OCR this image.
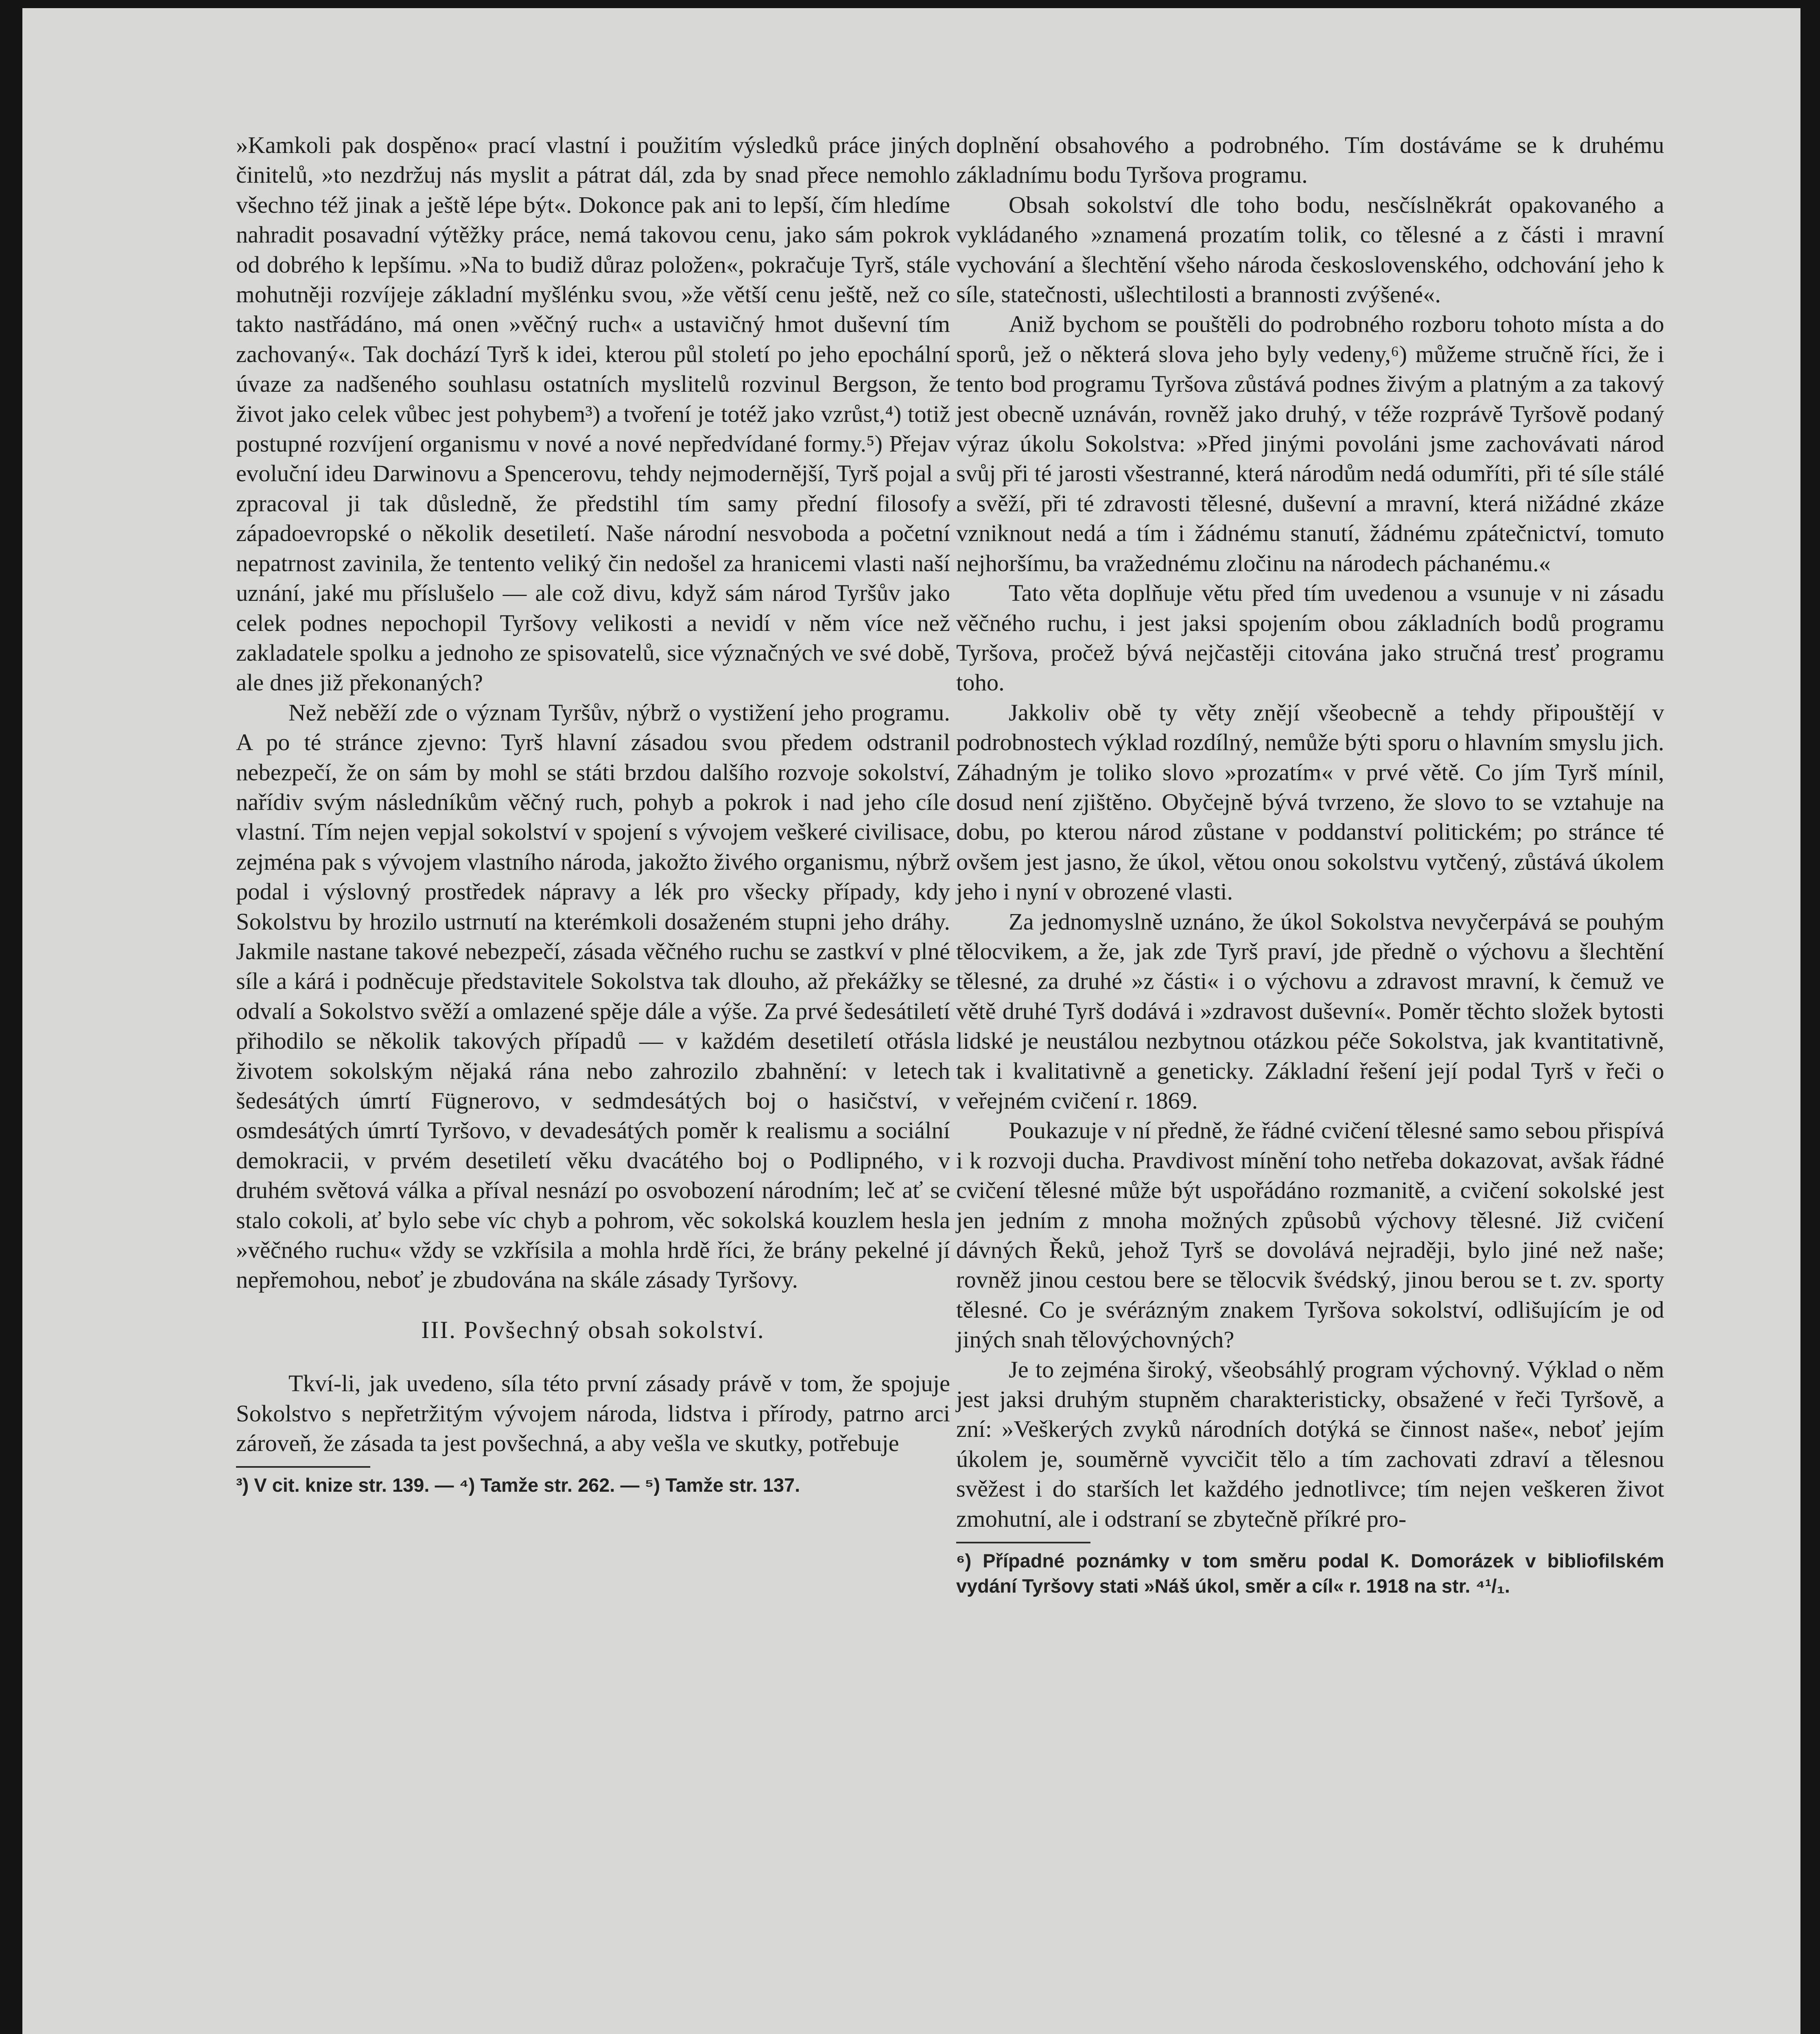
»Kamkoli pak dospěno« prací vlastní i použitím výsledků práce jiných činitelů, »to nezdržuj nás myslit a pátrat dál, zda by snad přece nemohlo všechno též jinak a ještě lépe být«. Dokonce pak ani to lepší, čím hledíme nahradit posavadní výtěžky práce, nemá takovou cenu, jako sám pokrok od dobrého k lepšímu. »Na to budiž důraz položen«, pokračuje Tyrš, stále mohutněji rozvíjeje základní myšlénku svou, »že větší cenu ještě, než co takto nastřádáno, má onen »věčný ruch« a ustavičný hmot duševní tím zachovaný«. Tak dochází Tyrš k idei, kterou půl století po jeho epochální úvaze za nadšeného souhlasu ostatních myslitelů rozvinul Bergson, že život jako celek vůbec jest pohybem³) a tvoření je totéž jako vzrůst,⁴) totiž postupné rozvíjení organismu v nové a nové nepředvídané formy.⁵) Přejav evoluční ideu Darwinovu a Spencerovu, tehdy nejmodernější, Tyrš pojal a zpracoval ji tak důsledně, že předstihl tím samy přední filosofy západoevropské o několik desetiletí. Naše národní nesvoboda a početní nepatrnost zavinila, že tentento veliký čin nedošel za hranicemi vlasti naší uznání, jaké mu příslušelo — ale což divu, když sám národ Tyršův jako celek podnes nepochopil Tyršovy velikosti a nevidí v něm více než zakladatele spolku a jednoho ze spisovatelů, sice význačných ve své době, ale dnes již překonaných?

Než neběží zde o význam Tyršův, nýbrž o vystižení jeho programu. A po té stránce zjevno: Tyrš hlavní zásadou svou předem odstranil nebezpečí, že on sám by mohl se státi brzdou dalšího rozvoje sokolství, nařídiv svým následníkům věčný ruch, pohyb a pokrok i nad jeho cíle vlastní. Tím nejen vepjal sokolství v spojení s vývojem veškeré civilisace, zejména pak s vývojem vlastního národa, jakožto živého organismu, nýbrž podal i výslovný prostředek nápravy a lék pro všecky případy, kdy Sokolstvu by hrozilo ustrnutí na kterémkoli dosaženém stupni jeho dráhy. Jakmile nastane takové nebezpečí, zásada věčného ruchu se zastkví v plné síle a kárá i podněcuje představitele Sokolstva tak dlouho, až překážky se odvalí a Sokolstvo svěží a omlazené spěje dále a výše. Za prvé šedesátiletí přihodilo se několik takových případů — v každém desetiletí otřásla životem sokolským nějaká rána nebo zahrozilo zbahnění: v letech šedesátých úmrtí Fügnerovo, v sedmdesátých boj o hasičství, v osmdesátých úmrtí Tyršovo, v devadesátých poměr k realismu a sociální demokracii, v prvém desetiletí věku dvacátého boj o Podlipného, v druhém světová válka a příval nesnází po osvobození národním; leč ať se stalo cokoli, ať bylo sebe víc chyb a pohrom, věc sokolská kouzlem hesla »věčného ruchu« vždy se vzkřísila a mohla hrdě říci, že brány pekelné jí nepřemohou, neboť je zbudována na skále zásady Tyršovy.

III. Povšechný obsah sokolství.

Tkví-li, jak uvedeno, síla této první zásady právě v tom, že spojuje Sokolstvo s nepřetržitým vývojem národa, lidstva i přírody, patrno arci zároveň, že zásada ta jest povšechná, a aby vešla ve skutky, potřebuje

³) V cit. knize str. 139. — ⁴) Tamže str. 262. — ⁵) Tamže str. 137.

doplnění obsahového a podrobného. Tím dostáváme se k druhému základnímu bodu Tyršova programu.

Obsah sokolství dle toho bodu, nesčíslněkrát opakovaného a vykládaného »znamená prozatím tolik, co tělesné a z části i mravní vychování a šlechtění všeho národa československého, odchování jeho k síle, statečnosti, ušlechtilosti a brannosti zvýšené«.

Aniž bychom se pouštěli do podrobného rozboru tohoto místa a do sporů, jež o některá slova jeho byly vedeny,⁶) můžeme stručně říci, že i tento bod programu Tyršova zůstává podnes živým a platným a za takový jest obecně uznáván, rovněž jako druhý, v téže rozprávě Tyršově podaný výraz úkolu Sokolstva: »Před jinými povoláni jsme zachovávati národ svůj při té jarosti všestranné, která národům nedá odumříti, při té síle stálé a svěží, při té zdravosti tělesné, duševní a mravní, která nižádné zkáze vzniknout nedá a tím i žádnému stanutí, žádnému zpátečnictví, tomuto nejhoršímu, ba vražednému zločinu na národech páchanému.«

Tato věta doplňuje větu před tím uvedenou a vsunuje v ni zásadu věčného ruchu, i jest jaksi spojením obou základních bodů programu Tyršova, pročež bývá nejčastěji citována jako stručná tresť programu toho.

Jakkoliv obě ty věty znějí všeobecně a tehdy připouštějí v podrobnostech výklad rozdílný, nemůže býti sporu o hlavním smyslu jich. Záhadným je toliko slovo »prozatím« v prvé větě. Co jím Tyrš mínil, dosud není zjištěno. Obyčejně bývá tvrzeno, že slovo to se vztahuje na dobu, po kterou národ zůstane v poddanství politickém; po stránce té ovšem jest jasno, že úkol, větou onou sokolstvu vytčený, zůstává úkolem jeho i nyní v obrozené vlasti.

Za jednomyslně uznáno, že úkol Sokolstva nevyčerpává se pouhým tělocvikem, a že, jak zde Tyrš praví, jde předně o výchovu a šlechtění tělesné, za druhé »z části« i o výchovu a zdravost mravní, k čemuž ve větě druhé Tyrš dodává i »zdravost duševní«. Poměr těchto složek bytosti lidské je neustálou nezbytnou otázkou péče Sokolstva, jak kvantitativně, tak i kvalitativně a geneticky. Základní řešení její podal Tyrš v řeči o veřejném cvičení r. 1869.

Poukazuje v ní předně, že řádné cvičení tělesné samo sebou přispívá i k rozvoji ducha. Pravdivost mínění toho netřeba dokazovat, avšak řádné cvičení tělesné může být uspořádáno rozmanitě, a cvičení sokolské jest jen jedním z mnoha možných způsobů výchovy tělesné. Již cvičení dávných Řeků, jehož Tyrš se dovolává nejraději, bylo jiné než naše; rovněž jinou cestou bere se tělocvik švédský, jinou berou se t. zv. sporty tělesné. Co je svérázným znakem Tyršova sokolství, odlišujícím je od jiných snah tělovýchovných?

Je to zejména široký, všeobsáhlý program výchovný. Výklad o něm jest jaksi druhým stupněm charakteristicky, obsažené v řeči Tyršově, a zní: »Veškerých zvyků národních dotýká se činnost naše«, neboť jejím úkolem je, souměrně vyvcičit tělo a tím zachovati zdraví a tělesnou svěžest i do starších let každého jednotlivce; tím nejen veškeren život zmohutní, ale i odstraní se zbytečně příkré pro-

⁶) Případné poznámky v tom směru podal K. Domorázek v bibliofilském vydání Tyršovy stati »Náš úkol, směr a cíl« r. 1918 na str. ⁴¹/₁.
